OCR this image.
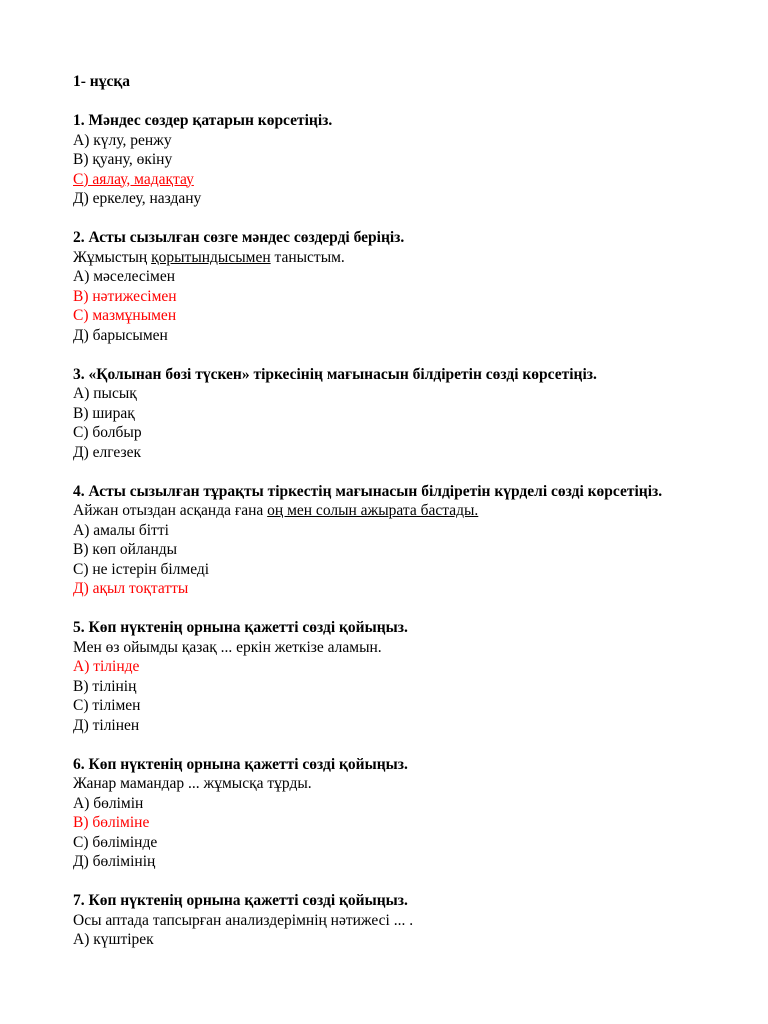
1- нұсқа
1. Мәндес сөздер қатарын көрсетіңіз.
A) күлу, ренжу
B) қуану, өкіну
C) аялау, мадақтау
Д) еркелеу, наздану
2. Асты сызылған сөзге мәндес сөздерді беріңіз.
Жұмыстың қорытындысымен таныстым.
A) мәселесімен
B) нәтижесімен
C) мазмұнымен
Д) барысымен
3. «Қолынан бөзі түскен» тіркесінің мағынасын білдіретін сөзді көрсетіңіз.
A) пысық
B) ширақ
C) болбыр
Д) елгезек
4. Асты сызылған тұрақты тіркестің мағынасын білдіретін күрделі сөзді көрсетіңіз.
Айжан отыздан асқанда ғана оң мен солын ажырата бастады.
A) амалы бітті
B) көп ойланды
C) не істерін білмеді
Д) ақыл тоқтатты
5. Көп нүктенің орнына қажетті сөзді қойыңыз.
Мен өз ойымды қазақ ... еркін жеткізе аламын.
A) тілінде
B) тілінің
C) тілімен
Д) тілінен
6. Көп нүктенің орнына қажетті сөзді қойыңыз.
Жанар мамандар ... жұмысқа тұрды.
A) бөлімін
B) бөліміне
C) бөлімінде
Д) бөлімінің
7. Көп нүктенің орнына қажетті сөзді қойыңыз.
Осы аптада тапсырған анализдерімнің нәтижесі ... .
A) күштірек
